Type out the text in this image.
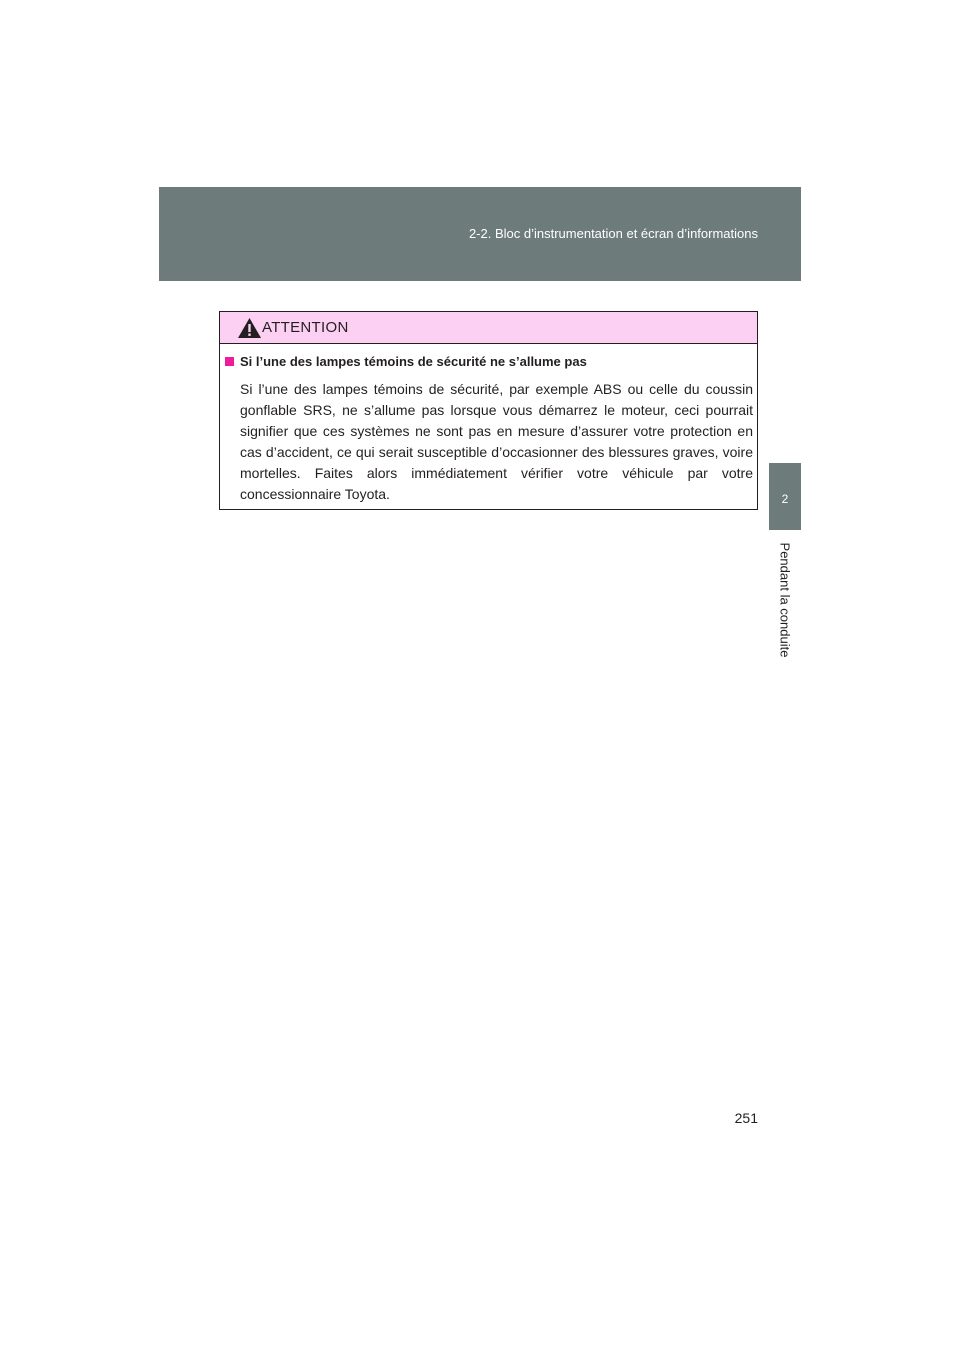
2-2. Bloc d’instrumentation et écran d’informations
2
Pendant la conduite
ATTENTION
Si l’une des lampes témoins de sécurité ne s’allume pas
Si l’une des lampes témoins de sécurité, par exemple ABS ou celle du coussin gonflable SRS, ne s’allume pas lorsque vous démarrez le moteur, ceci pourrait signifier que ces systèmes ne sont pas en mesure d’assurer votre protection en cas d’accident, ce qui serait susceptible d’occasionner des blessures graves, voire mortelles. Faites alors immédiatement vérifier votre véhicule par votre concessionnaire Toyota.
251
